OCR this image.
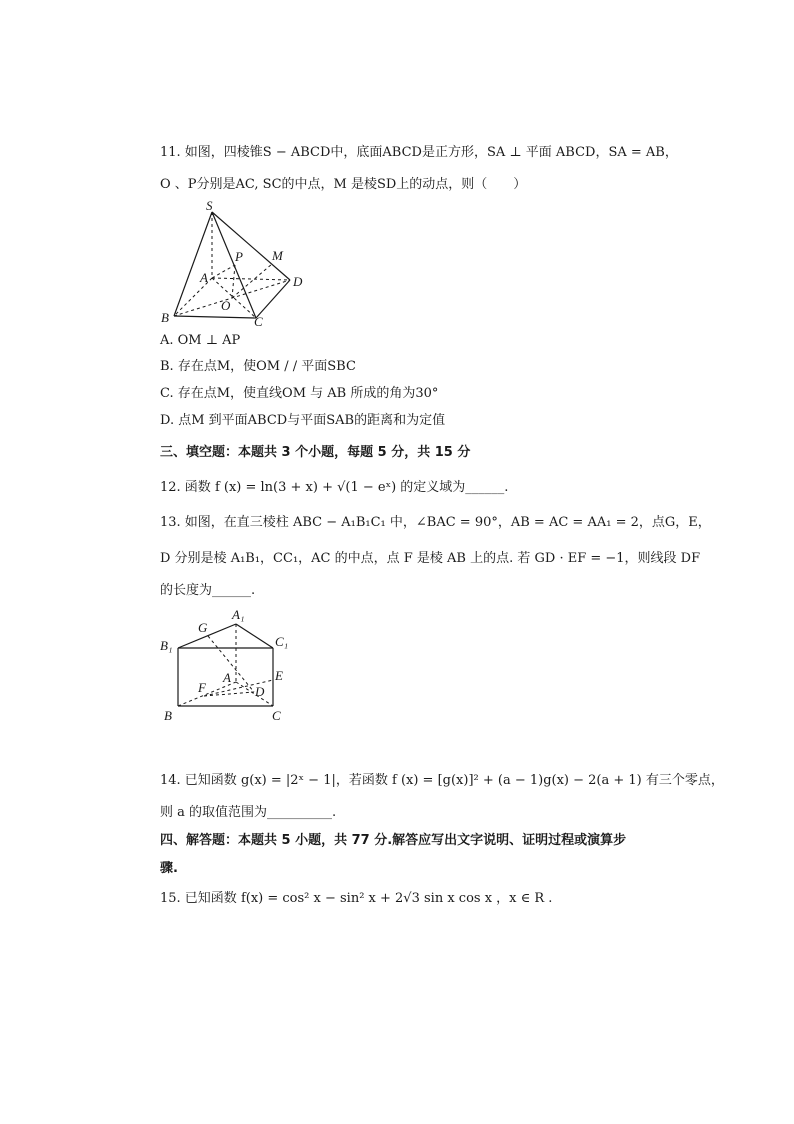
11. 如图，四棱锥S − ABCD中，底面ABCD是正方形，SA ⊥ 平面 ABCD，SA = AB，
O 、P分别是AC, SC的中点，M 是棱SD上的动点，则（　　）
S
P M
A	D
O
B	C
A. OM ⊥ AP
B. 存在点M，使OM / / 平面SBC
C. 存在点M，使直线OM 与 AB 所成的角为30°
D. 点M 到平面ABCD与平面SAB的距离和为定值
三、填空题：本题共 3 个小题，每题 5 分，共 15 分
12. 函数 f (x) = ln(3 + x) + √(1 − eˣ) 的定义域为______.
13. 如图，在直三棱柱 ABC − A₁B₁C₁ 中，∠BAC = 90°，AB = AC = AA₁ = 2，点G，E，
D 分别是棱 A₁B₁，CC₁，AC 的中点，点 F 是棱 AB 上的点. 若 GD · EF = −1，则线段 DF
的长度为______.
A₁
G
B₁	C₁
E
A
F	D
B	C
14. 已知函数 g(x) = |2ˣ − 1|，若函数 f (x) = [g(x)]² + (a − 1)g(x) − 2(a + 1) 有三个零点，
则 a 的取值范围为__________.
四、解答题：本题共 5 小题，共 77 分.解答应写出文字说明、证明过程或演算步
骤.
15. 已知函数 f(x) = cos² x − sin² x + 2√3 sin x cos x ，x ∈ R .
